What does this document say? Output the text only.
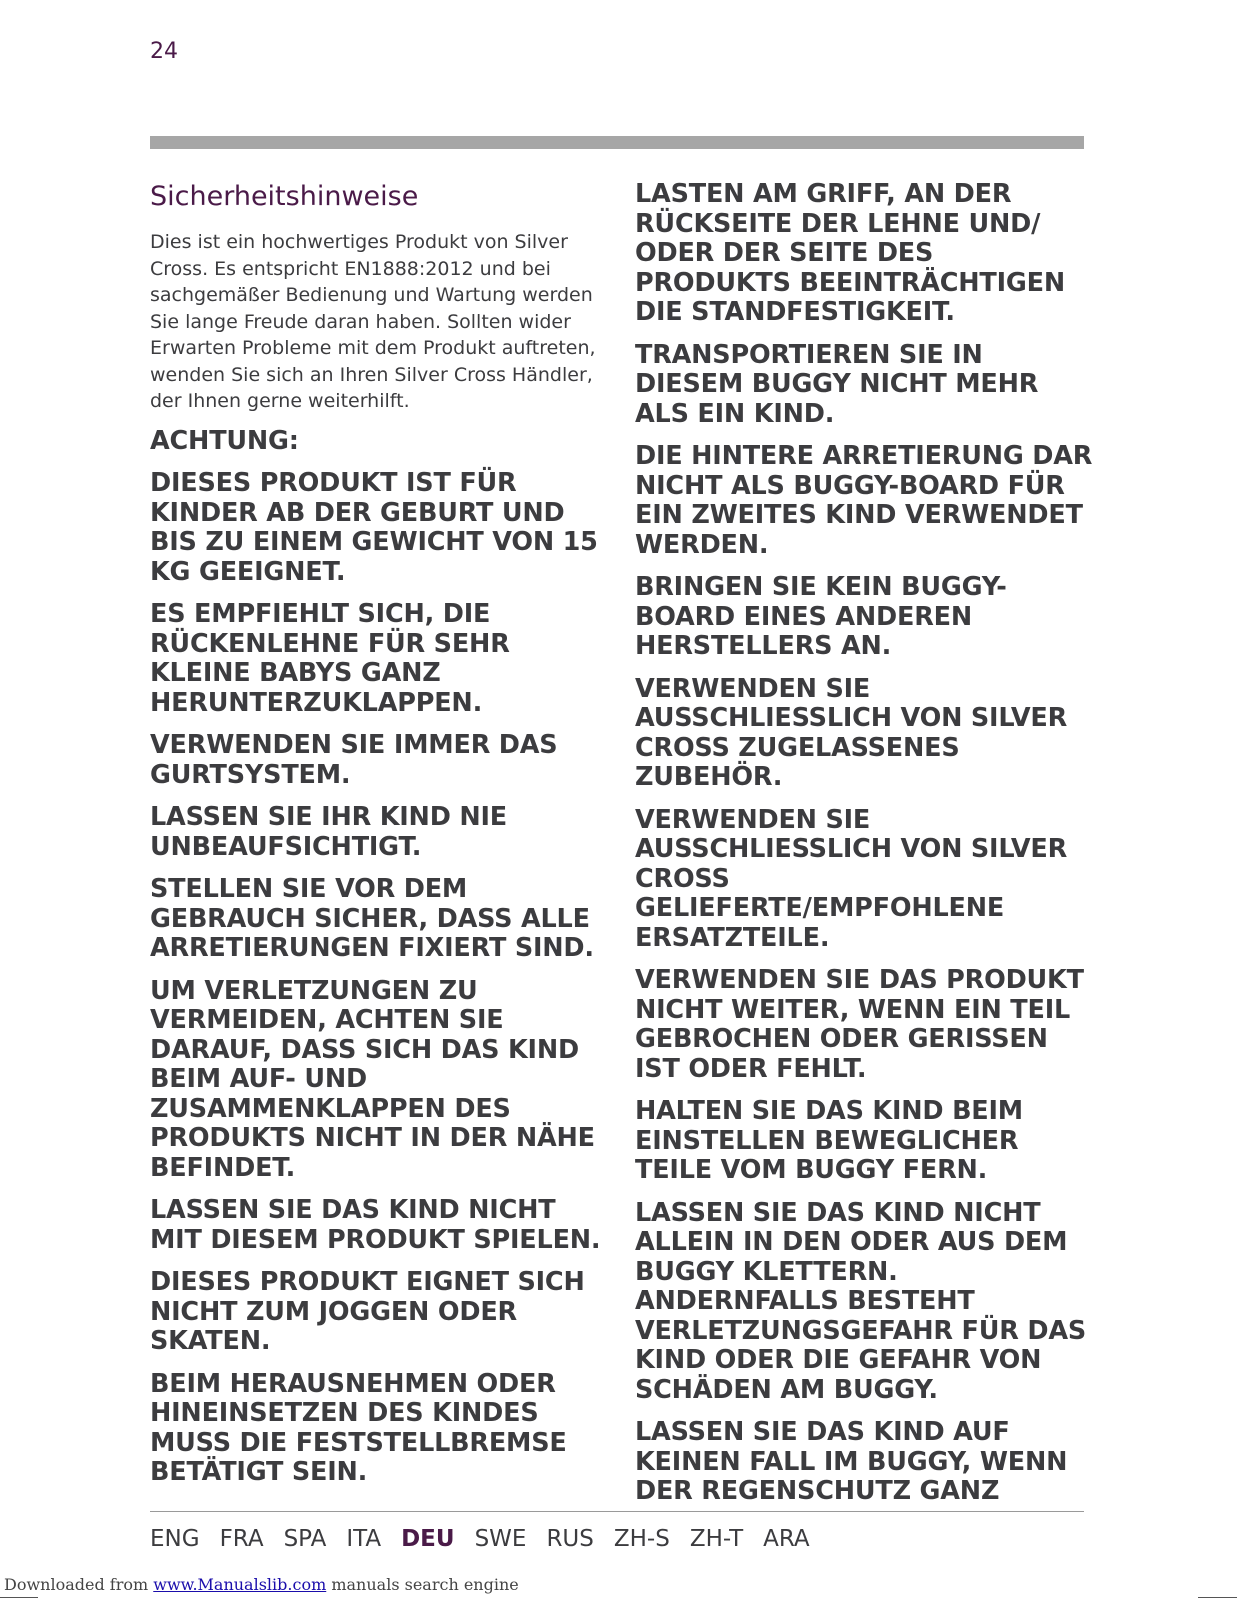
24
Sicherheitshinweise

Dies ist ein hochwertiges Produkt von Silver Cross. Es entspricht EN1888:2012 und bei sachgemäßer Bedienung und Wartung werden Sie lange Freude daran haben. Sollten wider Erwarten Probleme mit dem Produkt auftreten, wenden Sie sich an Ihren Silver Cross Händler, der Ihnen gerne weiterhilft.

ACHTUNG:

DIESES PRODUKT IST FÜR KINDER AB DER GEBURT UND BIS ZU EINEM GEWICHT VON 15 KG GEEIGNET.

ES EMPFIEHLT SICH, DIE RÜCKENLEHNE FÜR SEHR KLEINE BABYS GANZ HERUNTERZUKLAPPEN.

VERWENDEN SIE IMMER DAS GURTSYSTEM.

LASSEN SIE IHR KIND NIE UNBEAUFSICHTIGT.

STELLEN SIE VOR DEM GEBRAUCH SICHER, DASS ALLE ARRETIERUNGEN FIXIERT SIND.

UM VERLETZUNGEN ZU VERMEIDEN, ACHTEN SIE DARAUF, DASS SICH DAS KIND BEIM AUF- UND ZUSAMMENKLAPPEN DES PRODUKTS NICHT IN DER NÄHE BEFINDET.

LASSEN SIE DAS KIND NICHT MIT DIESEM PRODUKT SPIELEN.

DIESES PRODUKT EIGNET SICH NICHT ZUM JOGGEN ODER SKATEN.

BEIM HERAUSNEHMEN ODER HINEINSETZEN DES KINDES MUSS DIE FESTSTELLBREMSE BETÄTIGT SEIN.

LASTEN AM GRIFF, AN DER RÜCKSEITE DER LEHNE UND/ ODER DER SEITE DES PRODUKTS BEEINTRÄCHTIGEN DIE STANDFESTIGKEIT.

TRANSPORTIEREN SIE IN DIESEM BUGGY NICHT MEHR ALS EIN KIND.

DIE HINTERE ARRETIERUNG DAR NICHT ALS BUGGY-BOARD FÜR EIN ZWEITES KIND VERWENDET WERDEN.

BRINGEN SIE KEIN BUGGY- BOARD EINES ANDEREN HERSTELLERS AN.

VERWENDEN SIE AUSSCHLIESSLICH VON SILVER CROSS ZUGELASSENES ZUBEHÖR.

VERWENDEN SIE AUSSCHLIESSLICH VON SILVER CROSS GELIEFERTE/EMPFOHLENE ERSATZTEILE.

VERWENDEN SIE DAS PRODUKT NICHT WEITER, WENN EIN TEIL GEBROCHEN ODER GERISSEN IST ODER FEHLT.

HALTEN SIE DAS KIND BEIM EINSTELLEN BEWEGLICHER TEILE VOM BUGGY FERN.

LASSEN SIE DAS KIND NICHT ALLEIN IN DEN ODER AUS DEM BUGGY KLETTERN. ANDERNFALLS BESTEHT VERLETZUNGSGEFAHR FÜR DAS KIND ODER DIE GEFAHR VON SCHÄDEN AM BUGGY.

LASSEN SIE DAS KIND AUF KEINEN FALL IM BUGGY, WENN DER REGENSCHUTZ GANZ

ENG FRA SPA ITA DEU SWE RUS ZH-S ZH-T ARA
Downloaded from www.Manualslib.com manuals search engine
